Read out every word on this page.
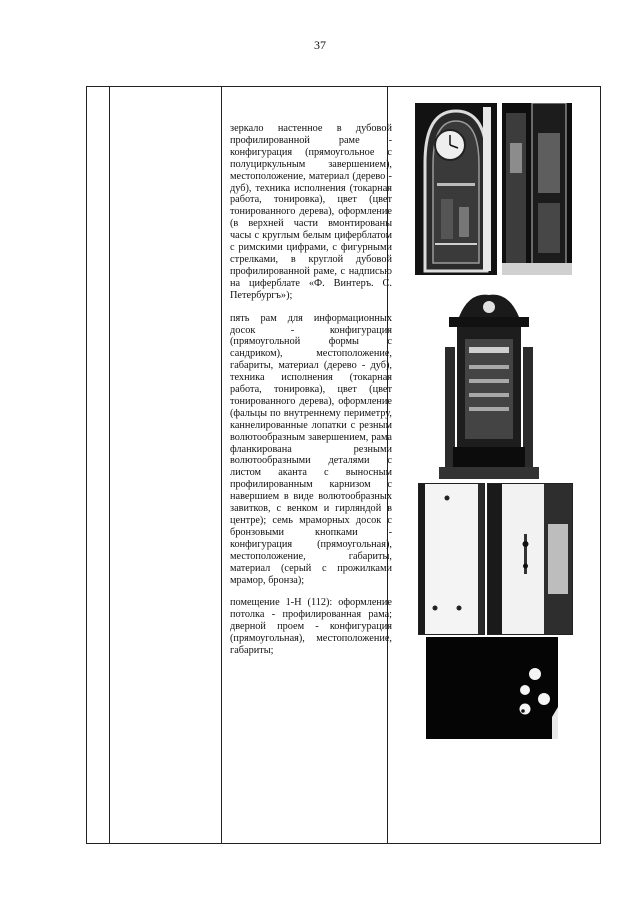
37

зеркало настенное в дубовой профилированной раме - конфигурация (прямоугольное с полуциркульным завершением), местоположение, материал (дерево - дуб), техника исполнения (токарная работа, тонировка), цвет (цвет тонированного дерева), оформление (в верхней части вмонтированы часы с круглым белым циферблатом с римскими цифрами, с фигурными стрелками, в круглой дубовой профилированной раме, с надписью на циферблате «Ф. Винтеръ. С. Петербургъ»);

пять рам для информационных досок - конфигурация (прямоугольной формы с сандриком), местоположение, габариты, материал (дерево - дуб), техника исполнения (токарная работа, тонировка), цвет (цвет тонированного дерева), оформление (фальцы по внутреннему периметру, каннелированные лопатки с резным волютообразным завершением, рама фланкирована резными волютообразными деталями с листом аканта с выносным профилированным карнизом с навершием в виде волютообразных завитков, с венком и гирляндой в центре); семь мраморных досок с бронзовыми кнопками - конфигурация (прямоугольная), местоположение, габариты, материал (серый с прожилками мрамор, бронза);

помещение 1-Н (112): оформление потолка - профилированная рама; дверной проем - конфигурация (прямоугольная), местоположение, габариты;
